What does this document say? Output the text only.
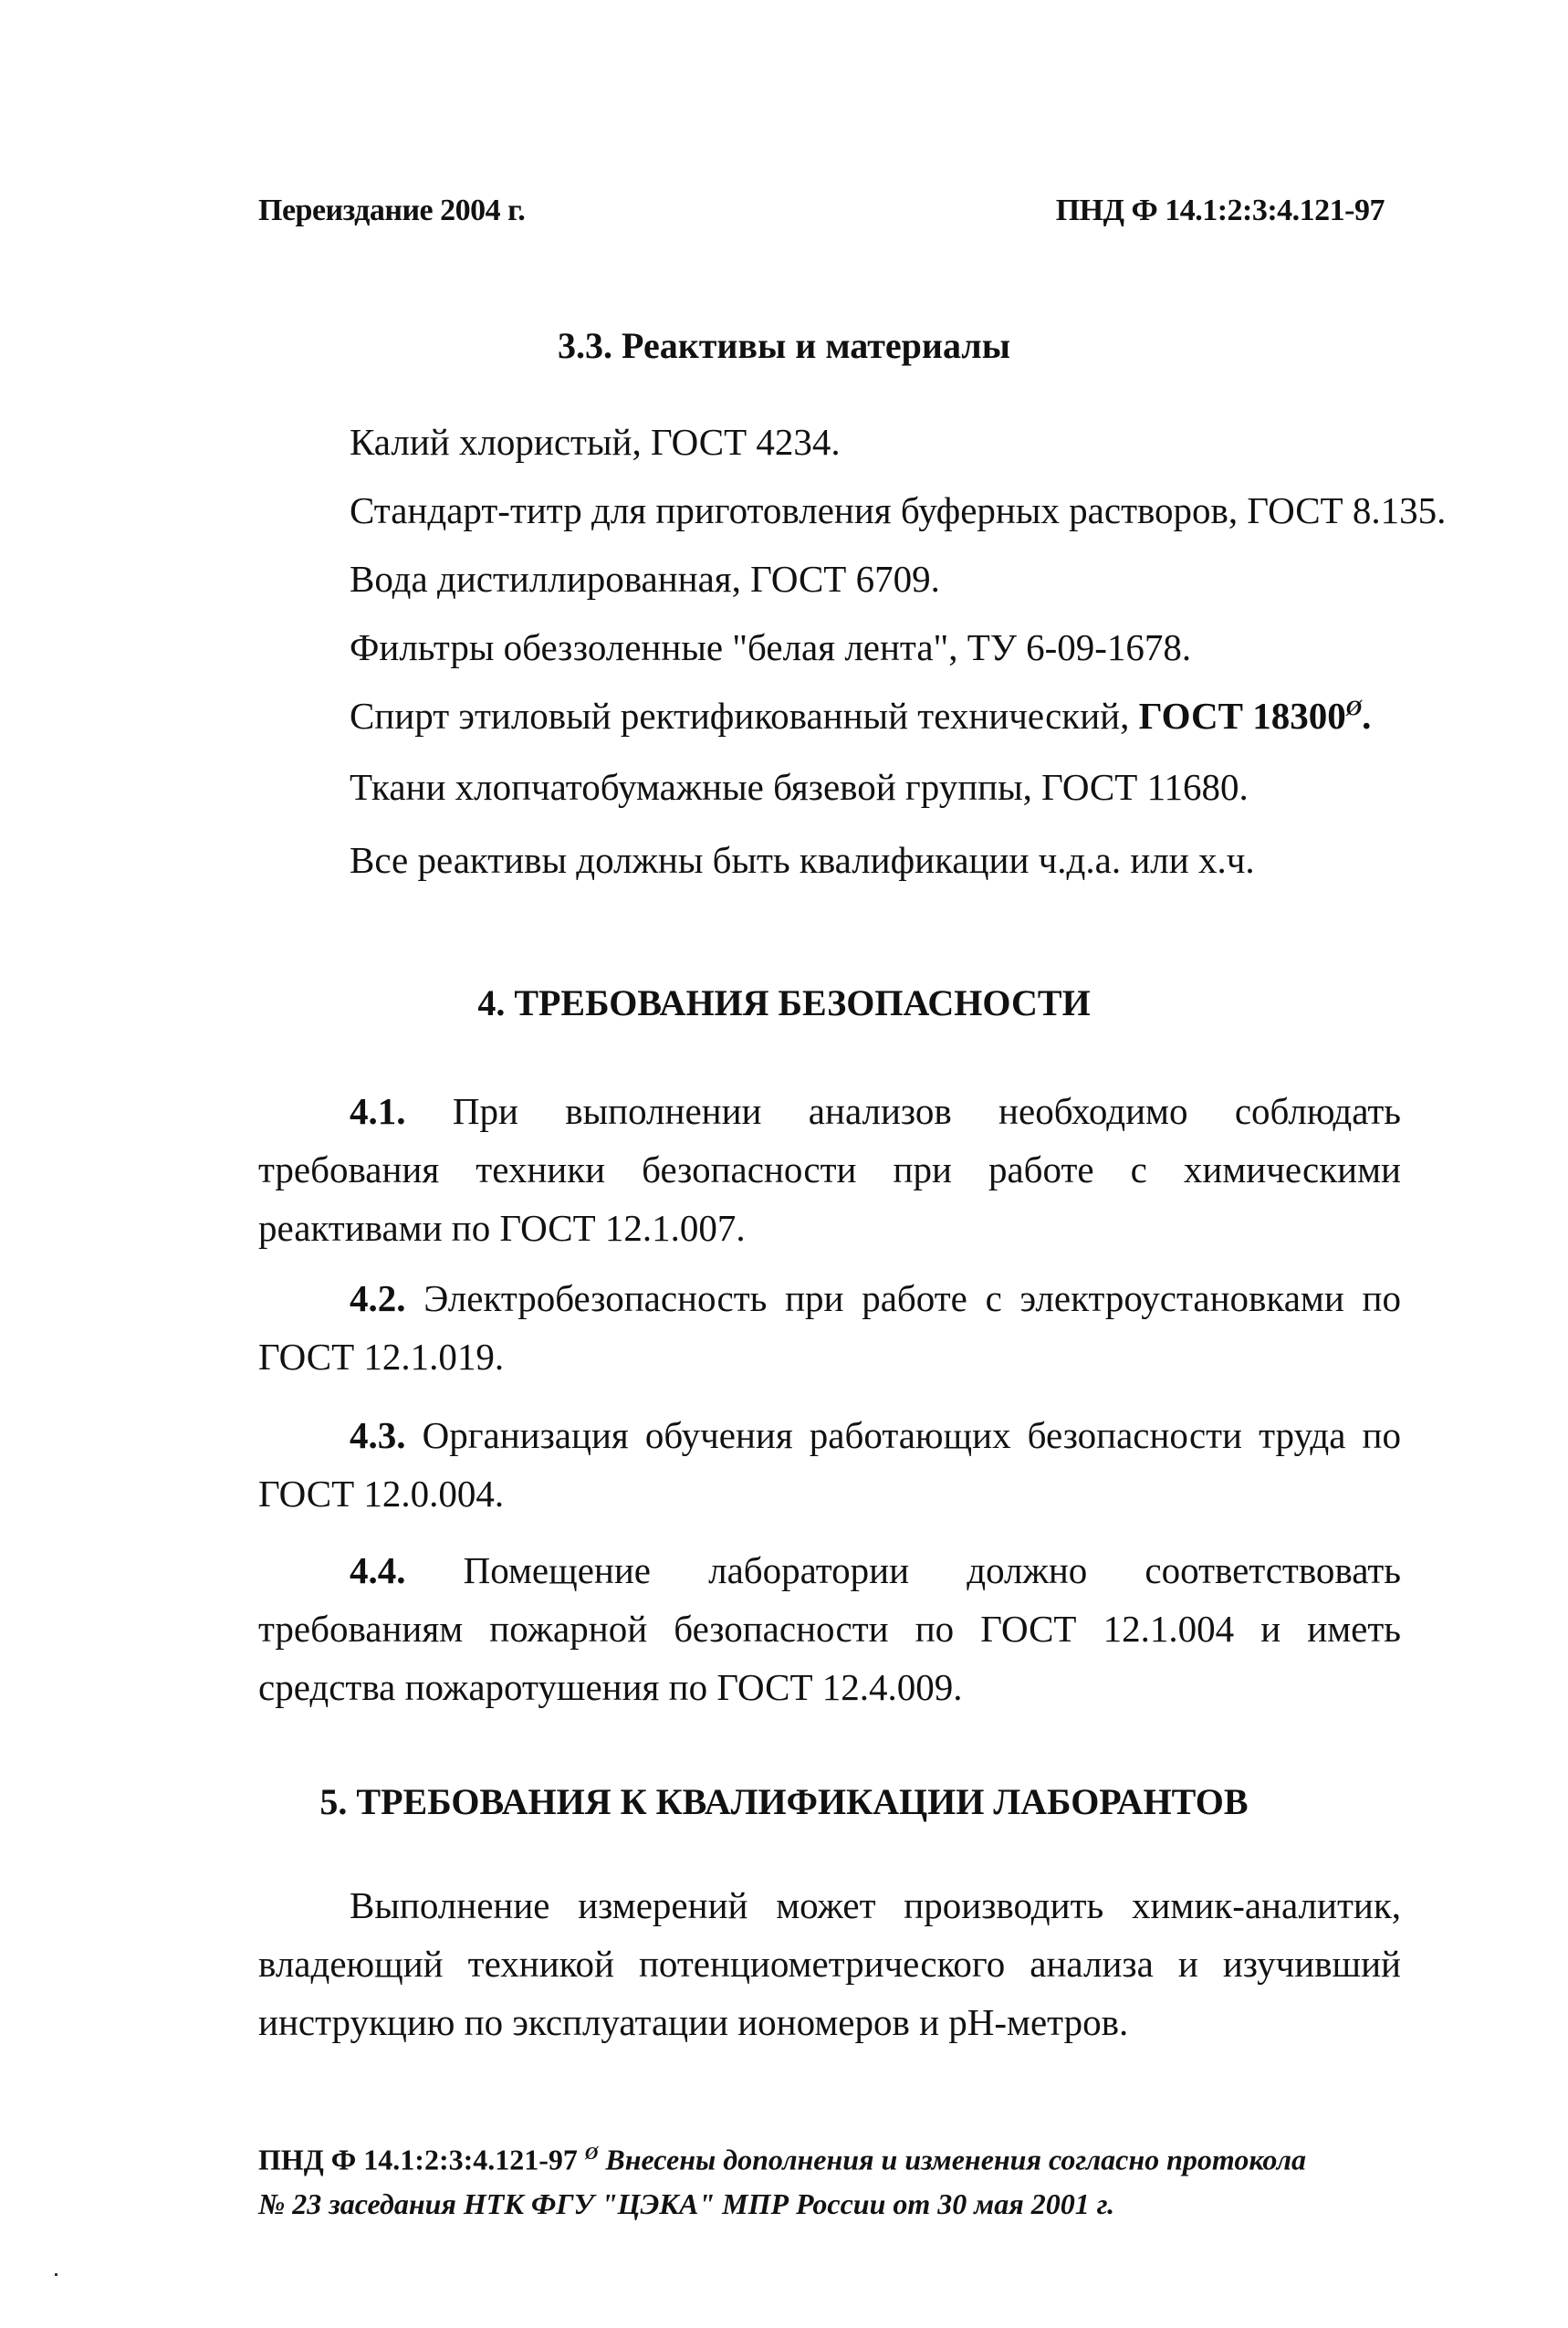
Переиздание 2004 г.	ПНД Ф 14.1:2:3:4.121-97
3.3. Реактивы и материалы
Калий хлористый, ГОСТ 4234.
Стандарт-титр для приготовления буферных растворов, ГОСТ 8.135.
Вода дистиллированная, ГОСТ 6709.
Фильтры обеззоленные "белая лента", ТУ 6-09-1678.
Спирт этиловый ректификованный технический, ГОСТ $18300^Ø$.
Ткани хлопчатобумажные бязевой группы, ГОСТ 11680.
Все реактивы должны быть квалификации ч.д.а. или х.ч.
4. ТРЕБОВАНИЯ БЕЗОПАСНОСТИ
4.1. При выполнении анализов необходимо соблюдать требования техники безопасности при работе с химическими реактивами по ГОСТ 12.1.007.
4.2. Электробезопасность при работе с электроустановками по ГОСТ 12.1.019.
4.3. Организация обучения работающих безопасности труда по ГОСТ 12.0.004.
4.4. Помещение лаборатории должно соответствовать требованиям пожарной безопасности по ГОСТ 12.1.004 и иметь средства пожаротушения по ГОСТ 12.4.009.
5. ТРЕБОВАНИЯ К КВАЛИФИКАЦИИ ЛАБОРАНТОВ
Выполнение измерений может производить химик-аналитик, владеющий техникой потенциометрического анализа и изучивший инструкцию по эксплуатации иономеров и рН-метров.
ПНД Ф 14.1:2:3:4.121-97 $^Ø$ Внесены дополнения и изменения согласно протокола
№ 23 заседания НТК ФГУ "ЦЭКА" МПР России от 30 мая 2001 г.
